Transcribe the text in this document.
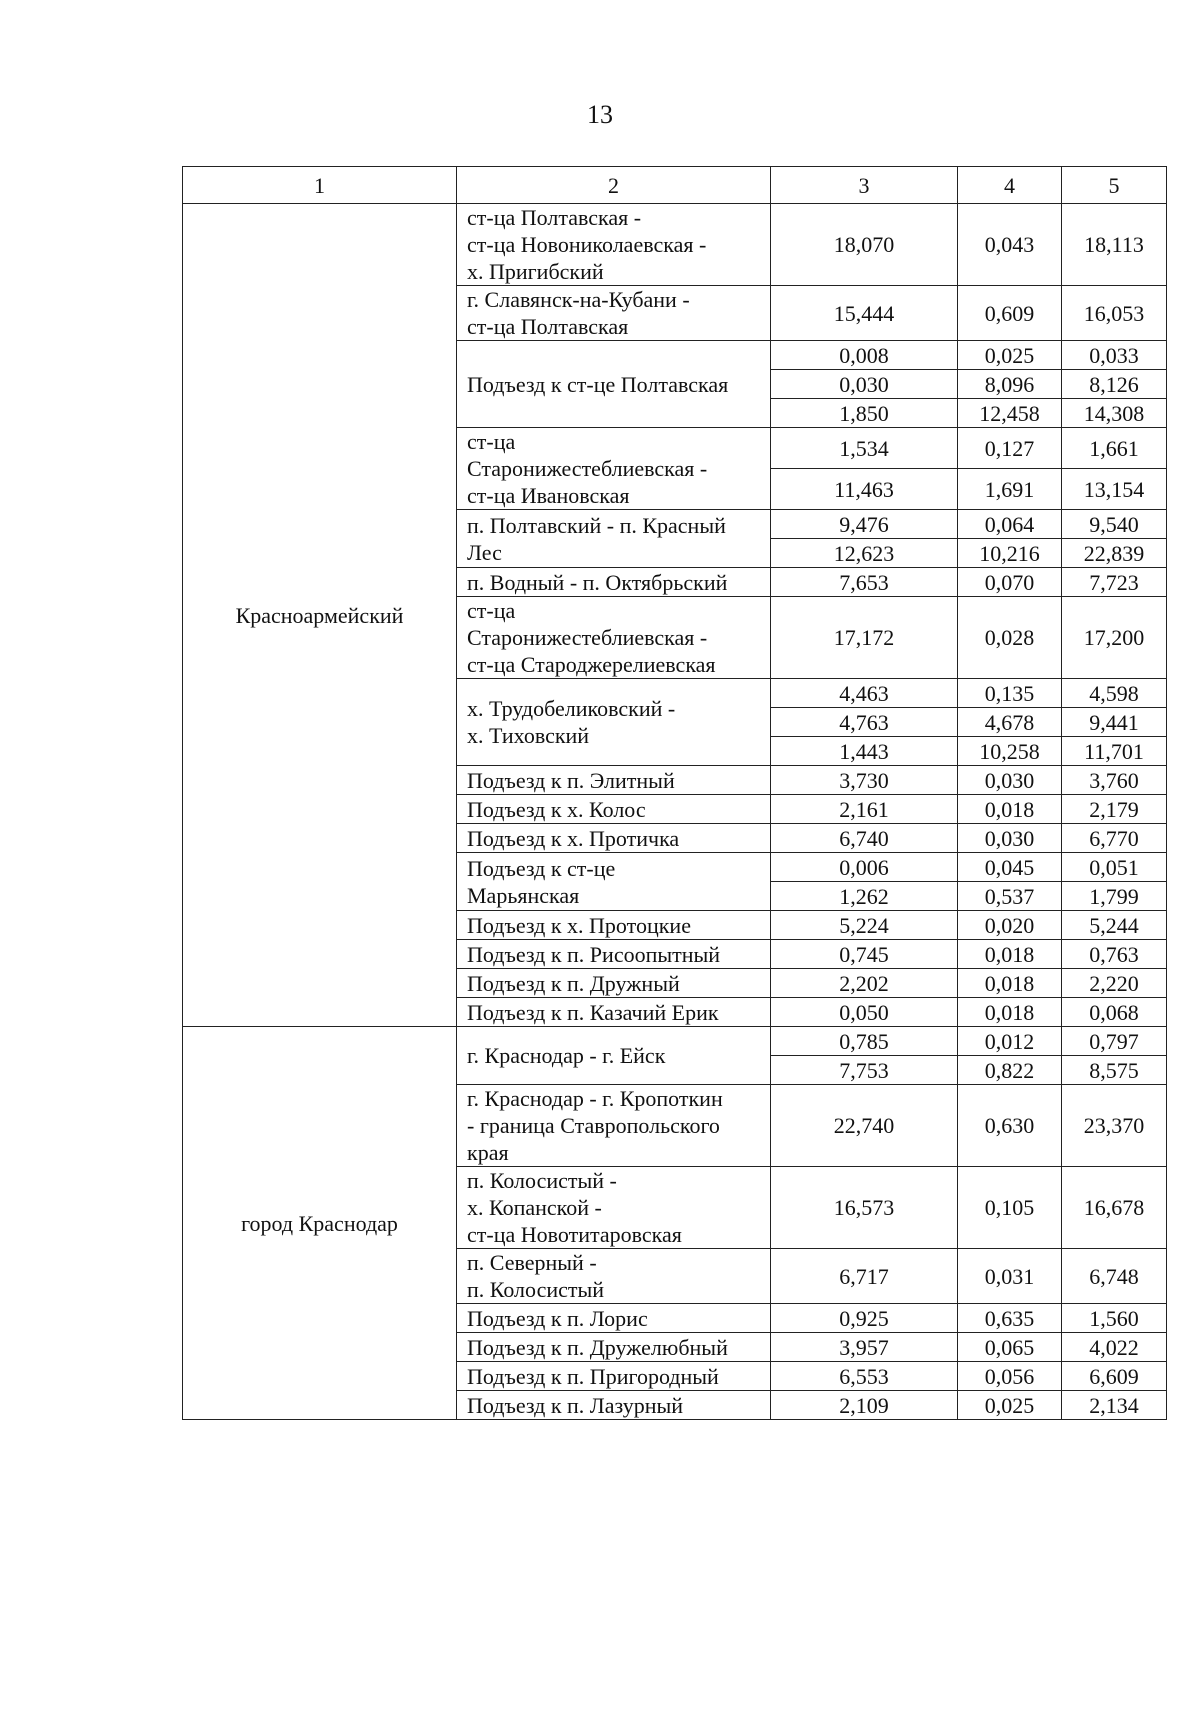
13
1	2	3	4	5
Красноармейский	ст-ца Полтавская -
ст-ца Новониколаевская -
х. Пригибский	18,070	0,043	18,113

	г. Славянск-на-Кубани -
ст-ца Полтавская	15,444	0,609	16,053

	Подъезд к ст-це Полтавская	0,008	0,025	0,033
		0,030	8,096	8,126
		1,850	12,458	14,308

	ст-ца
Старонижестеблиевская -
ст-ца Ивановская	1,534	0,127	1,661
		11,463	1,691	13,154

	п. Полтавский - п. Красный
Лес	9,476	0,064	9,540
		12,623	10,216	22,839

	п. Водный - п. Октябрьский	7,653	0,070	7,723

	ст-ца
Старонижестеблиевская -
ст-ца Староджерелиевская	17,172	0,028	17,200

	х. Трудобеликовский -
х. Тиховский	4,463	0,135	4,598
		4,763	4,678	9,441
		1,443	10,258	11,701

	Подъезд к п. Элитный	3,730	0,030	3,760

	Подъезд к х. Колос	2,161	0,018	2,179

	Подъезд к х. Протичка	6,740	0,030	6,770

	Подъезд к ст-це
Марьянская	0,006	0,045	0,051
		1,262	0,537	1,799

	Подъезд к х. Протоцкие	5,224	0,020	5,244

	Подъезд к п. Рисоопытный	0,745	0,018	0,763

	Подъезд к п. Дружный	2,202	0,018	2,220

	Подъезд к п. Казачий Ерик	0,050	0,018	0,068
город Краснодар	г. Краснодар - г. Ейск	0,785	0,012	0,797
		7,753	0,822	8,575

	г. Краснодар - г. Кропоткин
- граница Ставропольского
края	22,740	0,630	23,370

	п. Колосистый -
х. Копанской -
ст-ца Новотитаровская	16,573	0,105	16,678

	п. Северный -
п. Колосистый	6,717	0,031	6,748

	Подъезд к п. Лорис	0,925	0,635	1,560

	Подъезд к п. Дружелюбный	3,957	0,065	4,022

	Подъезд к п. Пригородный	6,553	0,056	6,609

	Подъезд к п. Лазурный	2,109	0,025	2,134
